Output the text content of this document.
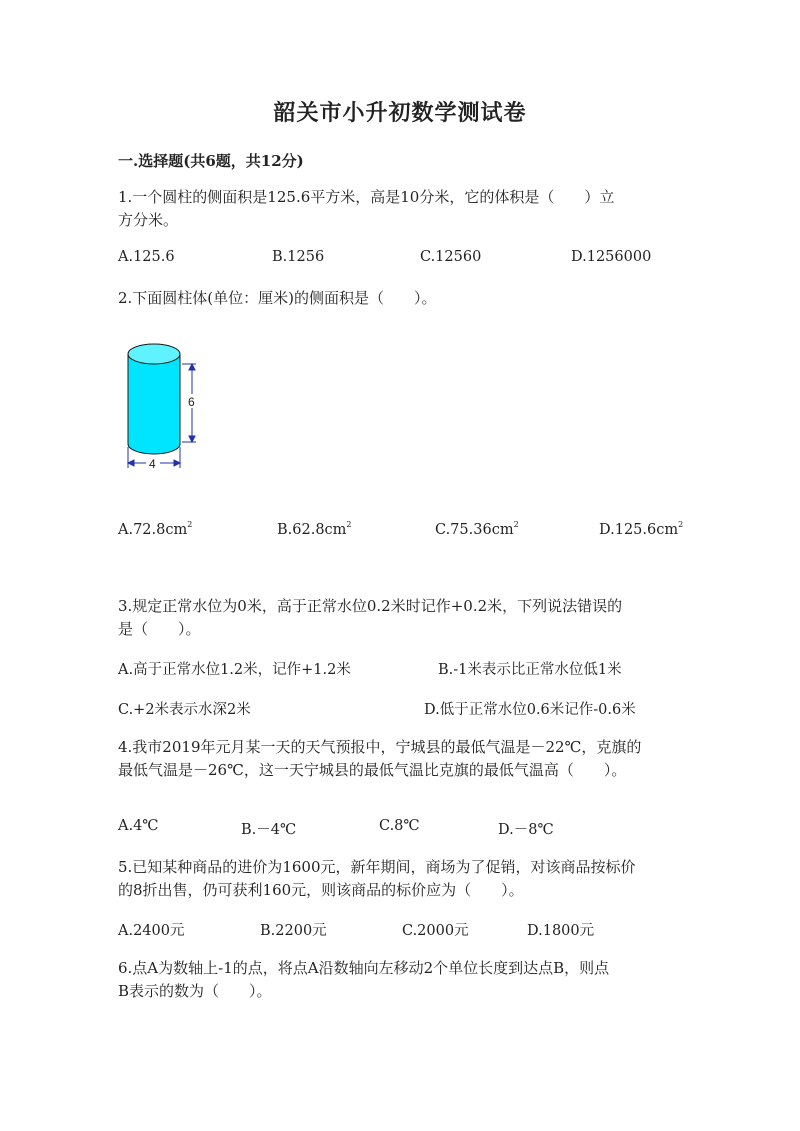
韶关市小升初数学测试卷
一.选择题(共6题，共12分)
1.一个圆柱的侧面积是125.6平方米，高是10分米，它的体积是（　　）立
方分米。
A.125.6	B.1256	C.12560	D.1256000
2.下面圆柱体(单位：厘米)的侧面积是（　　）。
6
4
$A.72.8cm^2$	$B.62.8cm^2$	$C.75.36cm^2$	$D.125.6cm^2$
3.规定正常水位为0米，高于正常水位0.2米时记作+0.2米，下列说法错误的
是（　　）。
A.高于正常水位1.2米，记作+1.2米	B.-1米表示比正常水位低1米
C.+2米表示水深2米	D.低于正常水位0.6米记作-0.6米
4.我市2019年元月某一天的天气预报中，宁城县的最低气温是－22℃，克旗的
最低气温是－26℃，这一天宁城县的最低气温比克旗的最低气温高（　　）。
A.4℃	B.－4℃	C.8℃	D.－8℃
5.已知某种商品的进价为1600元，新年期间，商场为了促销，对该商品按标价
的8折出售，仍可获利160元，则该商品的标价应为（　　）。
A.2400元	B.2200元	C.2000元	D.1800元
6.点A为数轴上-1的点，将点A沿数轴向左移动2个单位长度到达点B，则点
B表示的数为（　　）。
